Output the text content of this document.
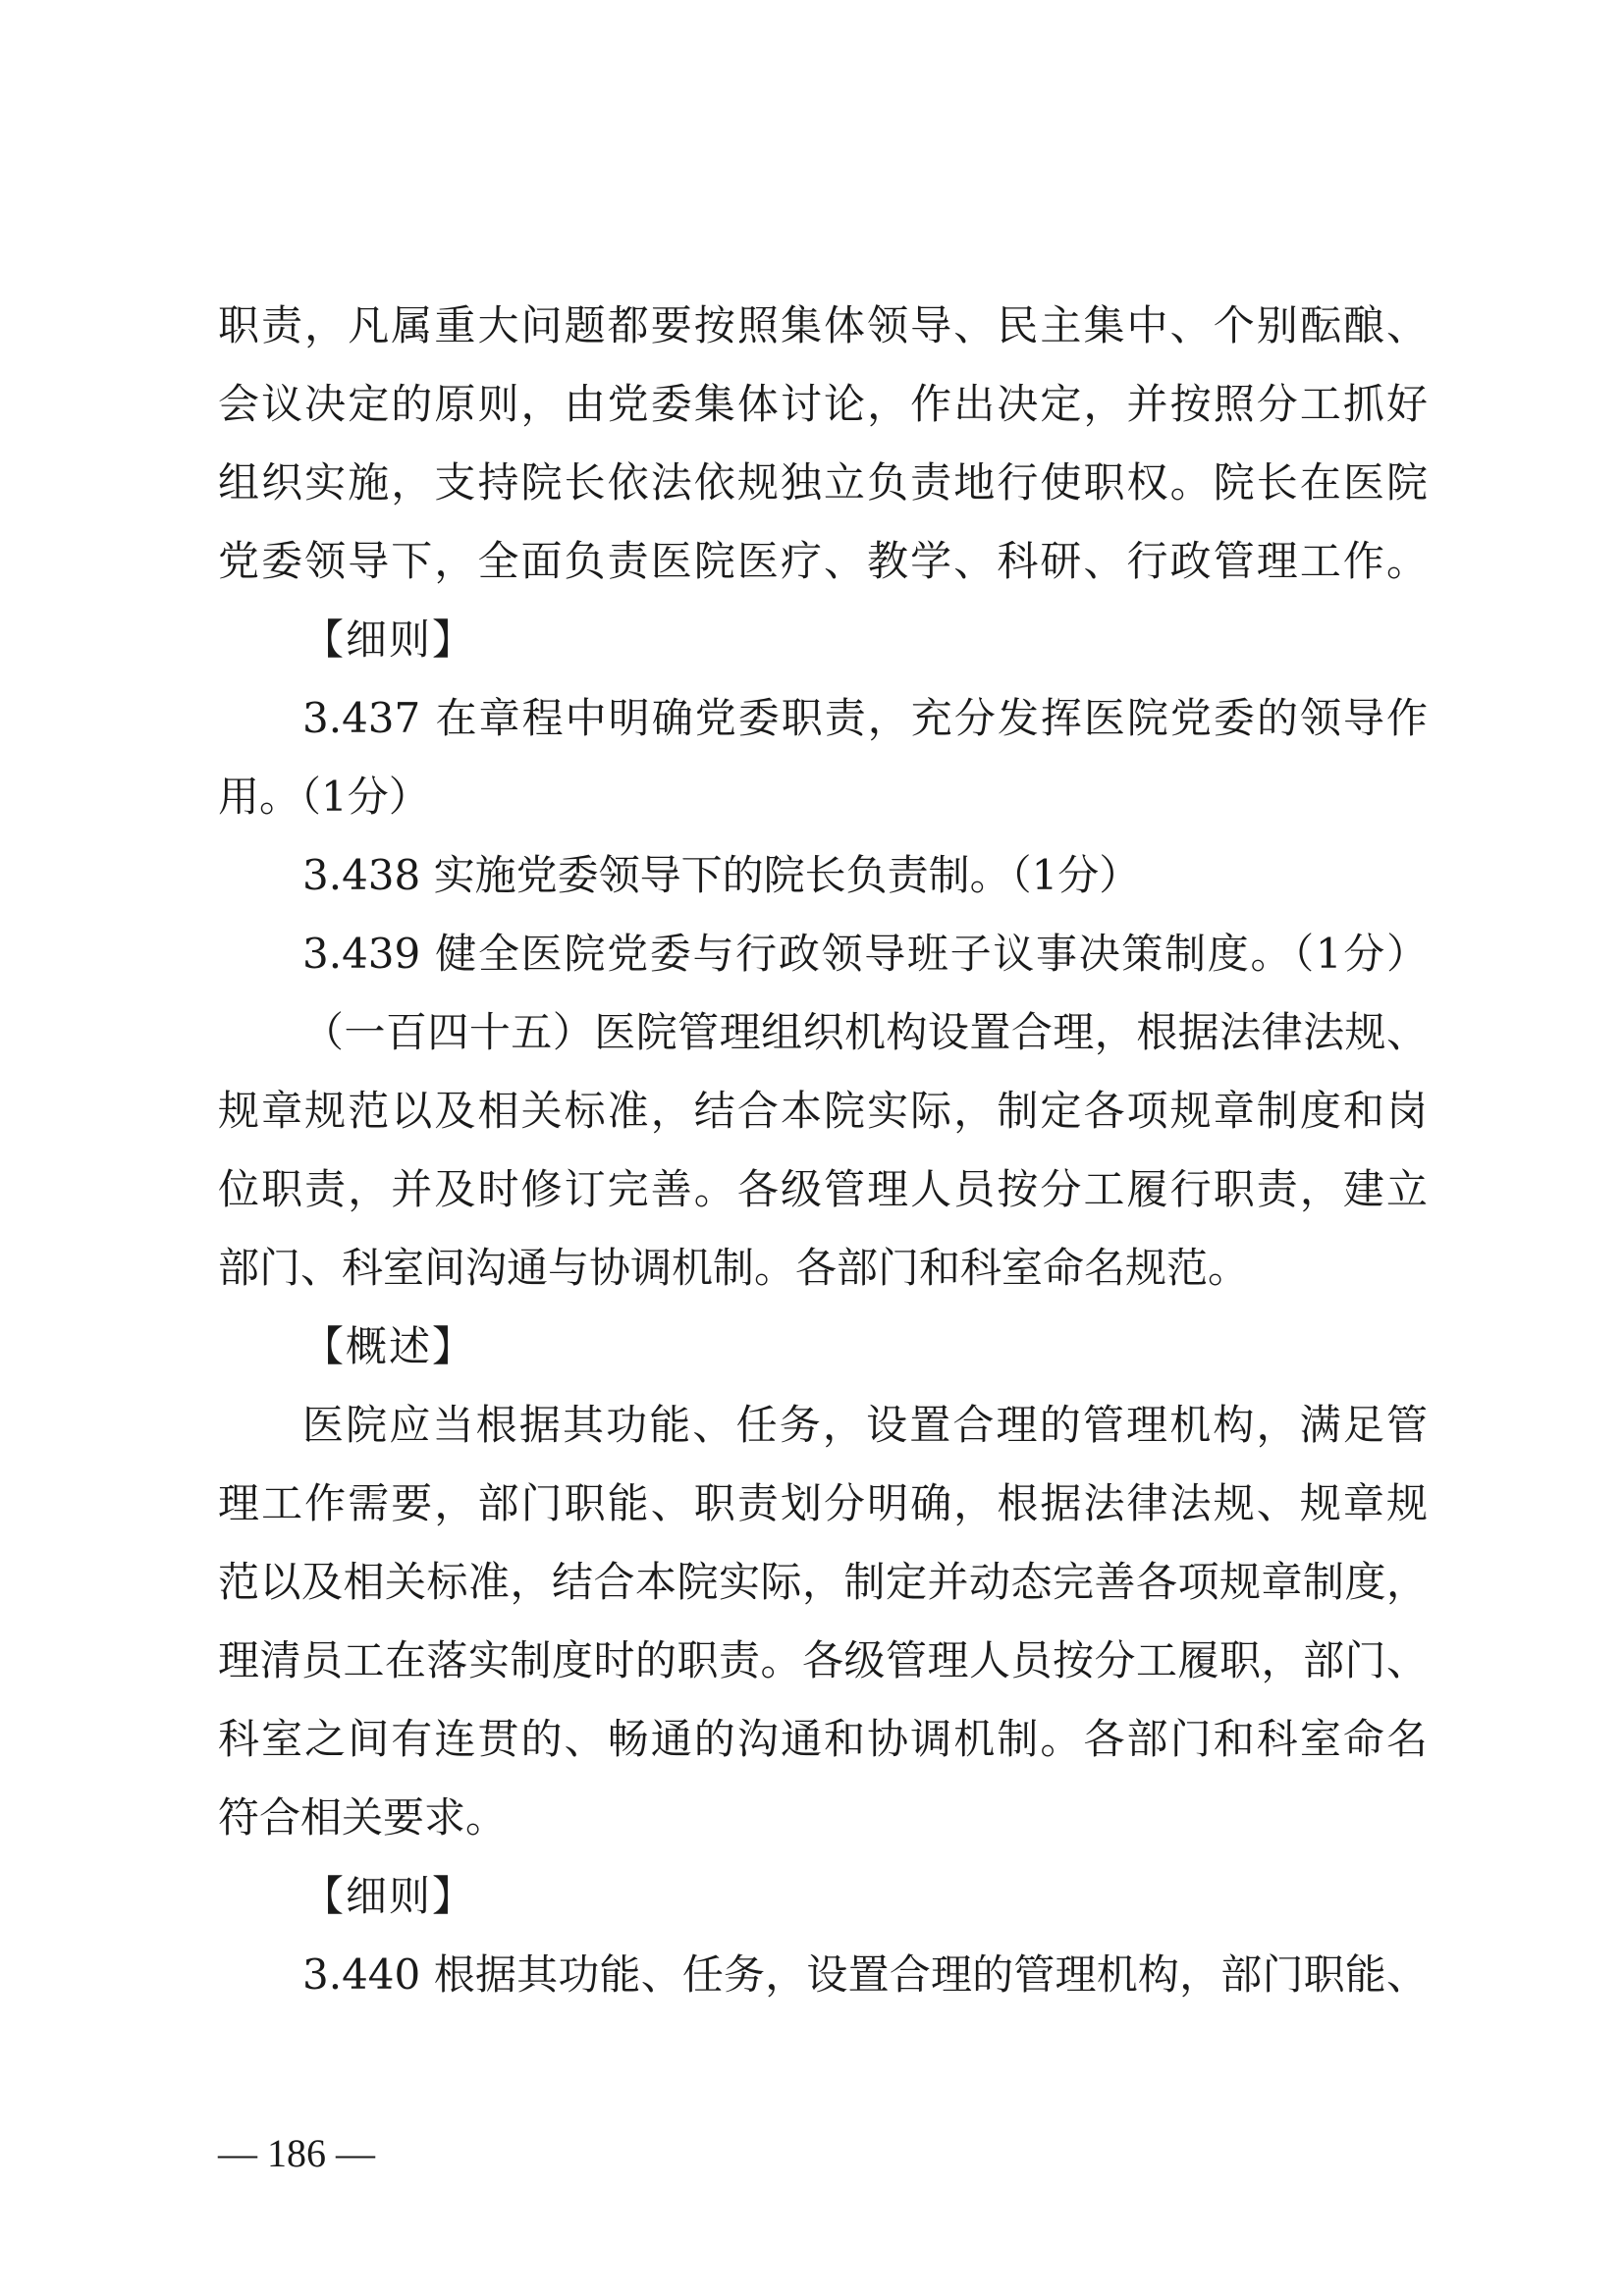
职责，凡属重大问题都要按照集体领导、民主集中、个别酝酿、
会议决定的原则，由党委集体讨论，作出决定，并按照分工抓好
组织实施，支持院长依法依规独立负责地行使职权。院长在医院
党委领导下，全面负责医院医疗、教学、科研、行政管理工作。
【细则】
3.437 在章程中明确党委职责，充分发挥医院党委的领导作
用。（1分）
3.438 实施党委领导下的院长负责制。（1分）
3.439 健全医院党委与行政领导班子议事决策制度。（1分）
（一百四十五）医院管理组织机构设置合理，根据法律法规、
规章规范以及相关标准，结合本院实际，制定各项规章制度和岗
位职责，并及时修订完善。各级管理人员按分工履行职责，建立
部门、科室间沟通与协调机制。各部门和科室命名规范。
【概述】
医院应当根据其功能、任务，设置合理的管理机构，满足管
理工作需要，部门职能、职责划分明确，根据法律法规、规章规
范以及相关标准，结合本院实际，制定并动态完善各项规章制度，
理清员工在落实制度时的职责。各级管理人员按分工履职，部门、
科室之间有连贯的、畅通的沟通和协调机制。各部门和科室命名
符合相关要求。
【细则】
3.440 根据其功能、任务，设置合理的管理机构，部门职能、
— 186 —
